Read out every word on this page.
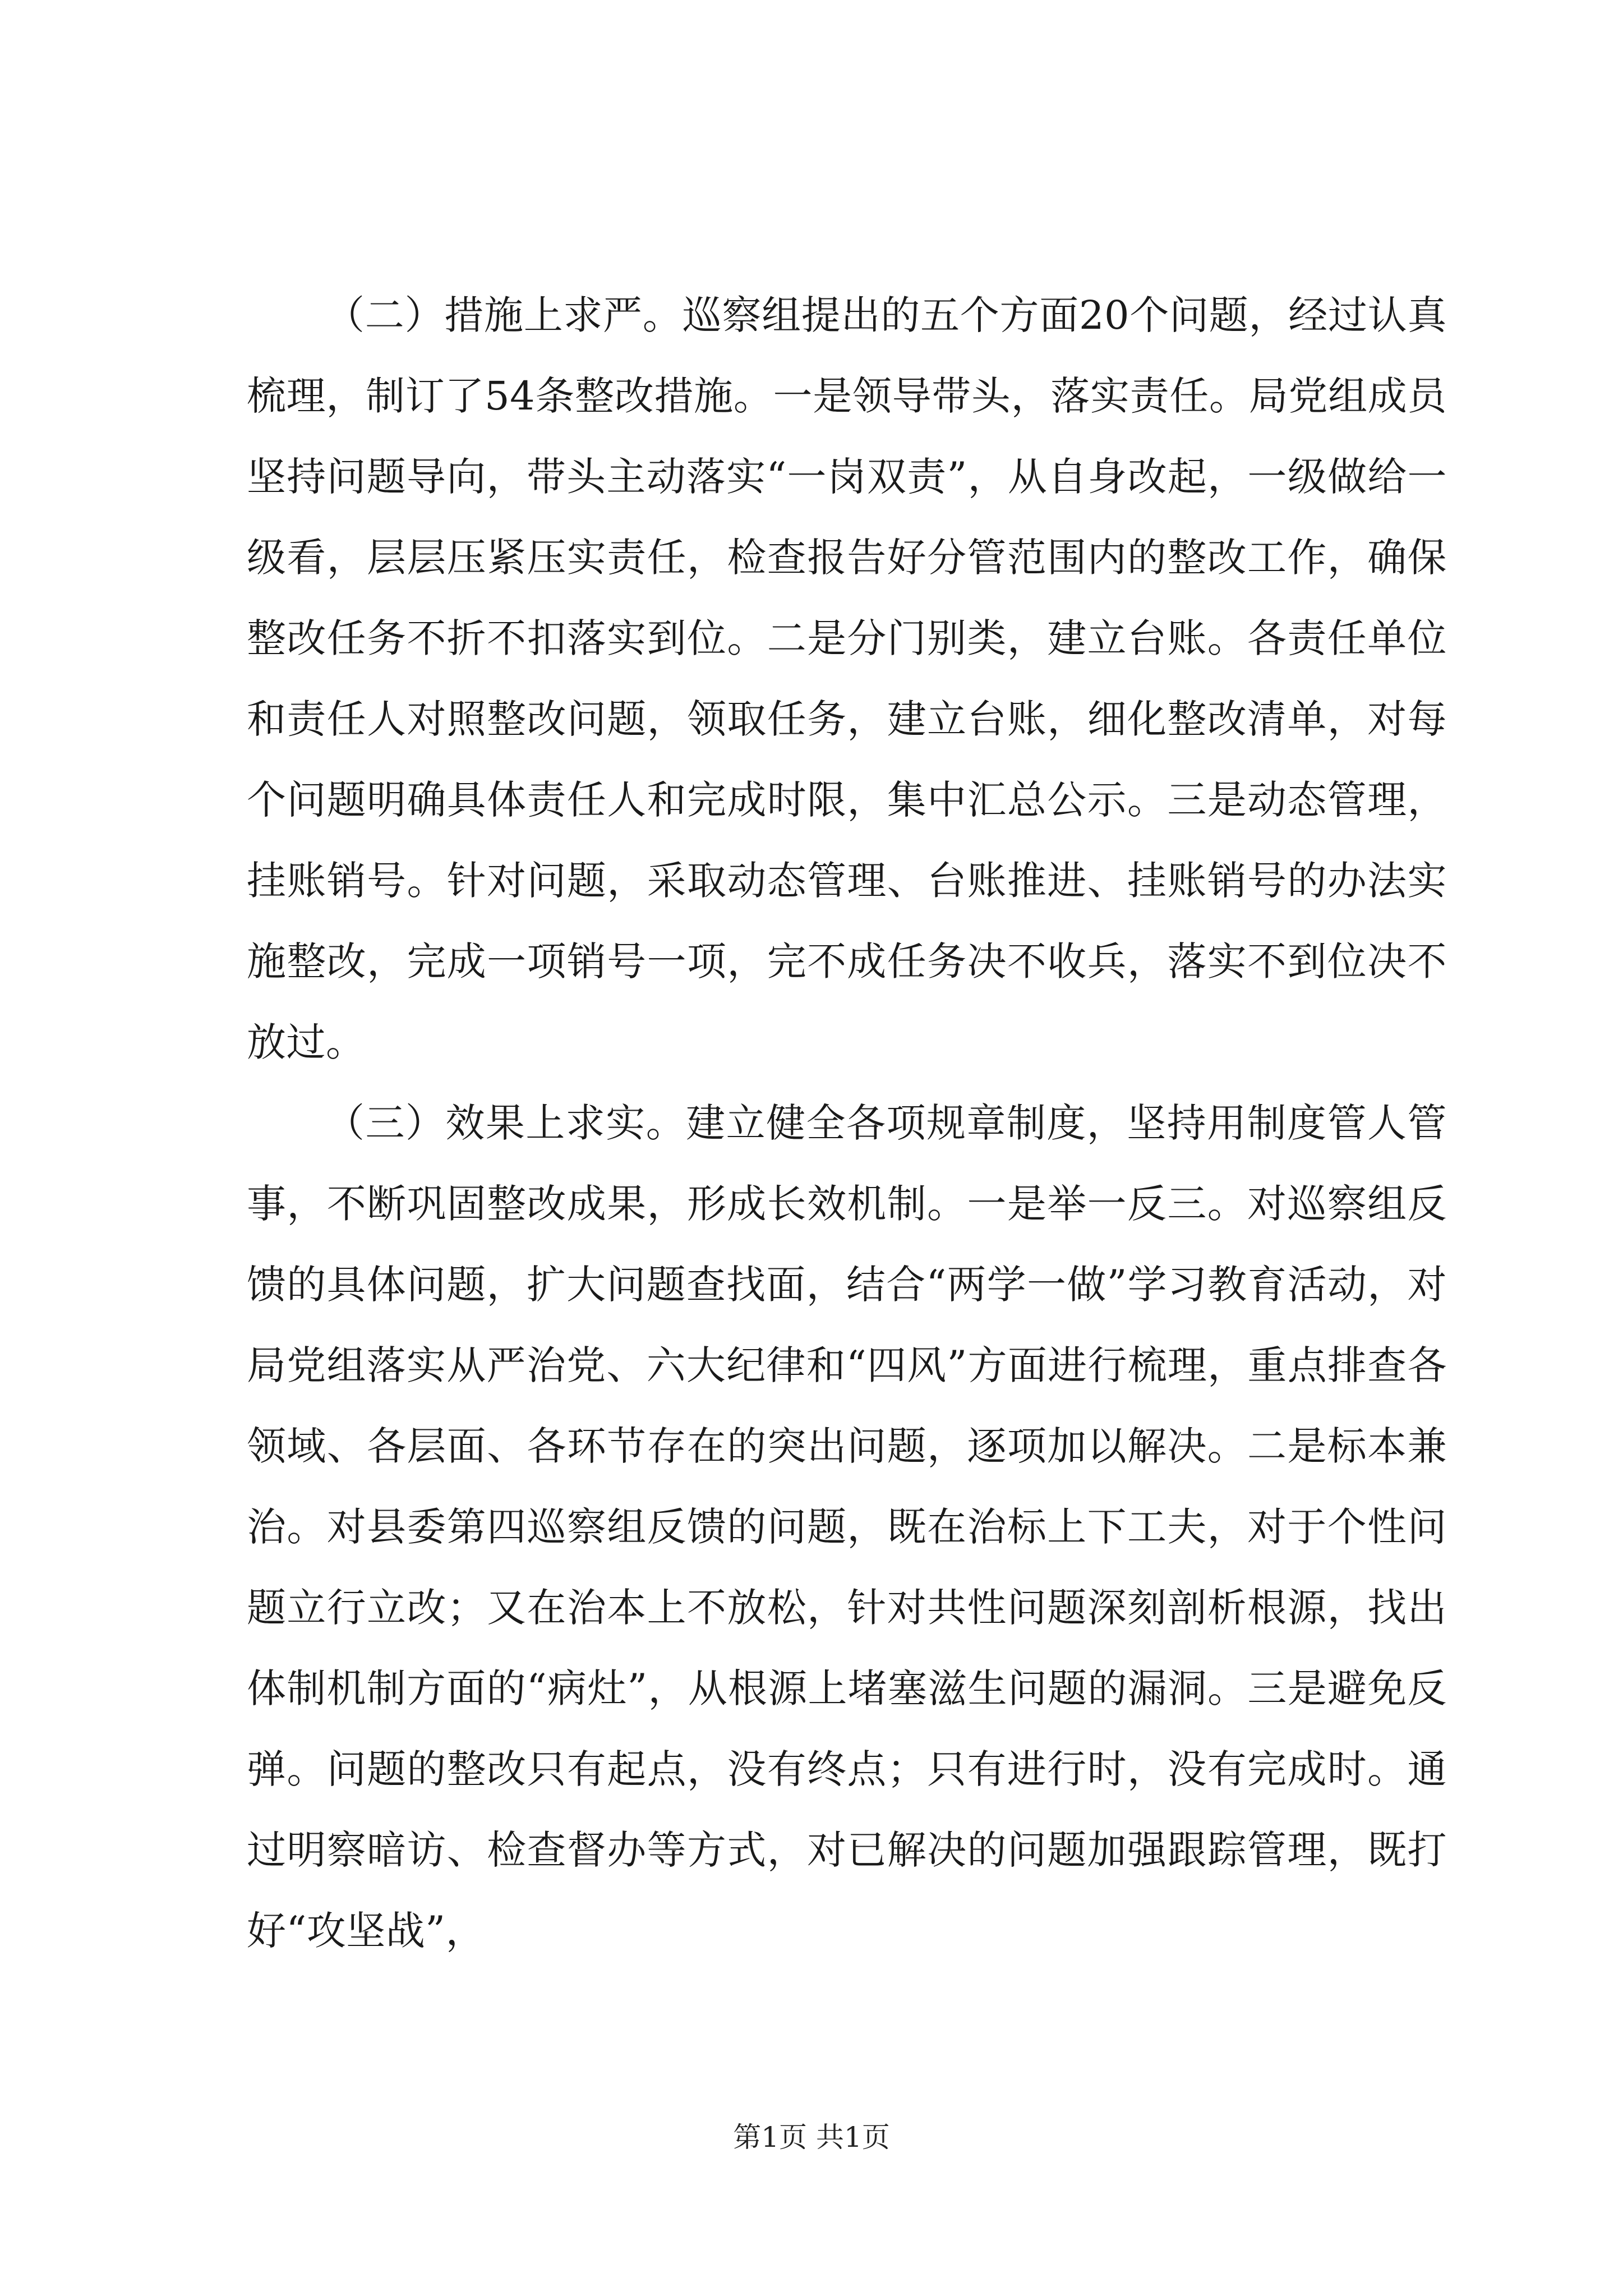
（二）措施上求严。巡察组提出的五个方面20个问题，经过认真梳理，制订了54条整改措施。一是领导带头，落实责任。局党组成员坚持问题导向，带头主动落实“一岗双责”，从自身改起，一级做给一级看，层层压紧压实责任，检查报告好分管范围内的整改工作，确保整改任务不折不扣落实到位。二是分门别类，建立台账。各责任单位和责任人对照整改问题，领取任务，建立台账，细化整改清单，对每个问题明确具体责任人和完成时限，集中汇总公示。三是动态管理，挂账销号。针对问题，采取动态管理、台账推进、挂账销号的办法实施整改，完成一项销号一项，完不成任务决不收兵，落实不到位决不放过。

（三）效果上求实。建立健全各项规章制度，坚持用制度管人管事，不断巩固整改成果，形成长效机制。一是举一反三。对巡察组反馈的具体问题，扩大问题查找面，结合“两学一做”学习教育活动，对局党组落实从严治党、六大纪律和“四风”方面进行梳理，重点排查各领域、各层面、各环节存在的突出问题，逐项加以解决。二是标本兼治。对县委第四巡察组反馈的问题，既在治标上下工夫，对于个性问题立行立改；又在治本上不放松，针对共性问题深刻剖析根源，找出体制机制方面的“病灶”，从根源上堵塞滋生问题的漏洞。三是避免反弹。问题的整改只有起点，没有终点；只有进行时，没有完成时。通过明察暗访、检查督办等方式，对已解决的问题加强跟踪管理，既打好“攻坚战”，

第1页 共1页
